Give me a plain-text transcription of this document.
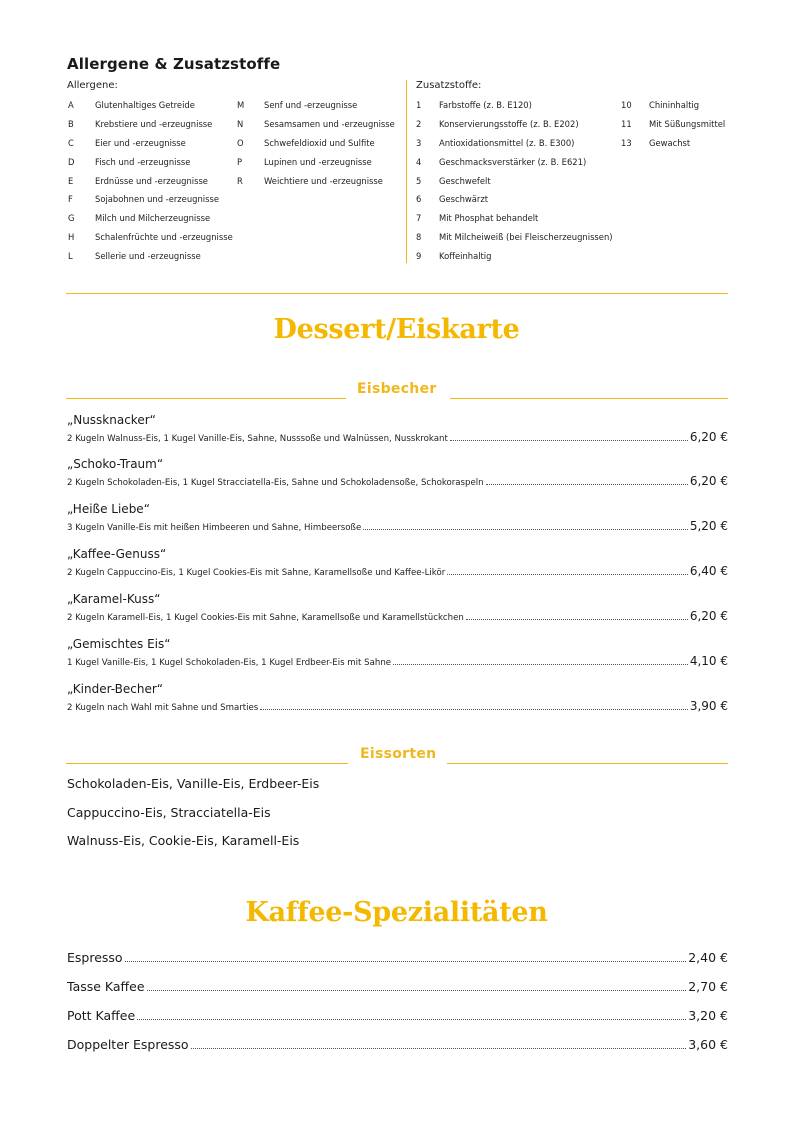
Allergene & Zusatzstoffe
Allergene:	Zusatzstoffe:
A	Glutenhaltiges Getreide
B	Krebstiere und -erzeugnisse
C	Eier und -erzeugnisse
D	Fisch und -erzeugnisse
E	Erdnüsse und -erzeugnisse
F	Sojabohnen und -erzeugnisse
G	Milch und Milcherzeugnisse
H	Schalenfrüchte und -erzeugnisse
L	Sellerie und -erzeugnisse
M	Senf und -erzeugnisse
N	Sesamsamen und -erzeugnisse
O	Schwefeldioxid und Sulfite
P	Lupinen und -erzeugnisse
R	Weichtiere und -erzeugnisse
1	Farbstoffe (z. B. E120)
2	Konservierungsstoffe (z. B. E202)
3	Antioxidationsmittel (z. B. E300)
4	Geschmacksverstärker (z. B. E621)
5	Geschwefelt
6	Geschwärzt
7	Mit Phosphat behandelt
8	Mit Milcheiweiß (bei Fleischerzeugnissen)
9	Koffeinhaltig
10	Chininhaltig
11	Mit Süßungsmittel
13	Gewachst
Dessert/Eiskarte
Eisbecher
„Nussknacker“
2 Kugeln Walnuss-Eis, 1 Kugel Vanille-Eis, Sahne, Nusssoße und Walnüssen, Nusskrokant	6,20 €
„Schoko-Traum“
2 Kugeln Schokoladen-Eis, 1 Kugel Stracciatella-Eis, Sahne und Schokoladensoße, Schokoraspeln	6,20 €
„Heiße Liebe“
3 Kugeln Vanille-Eis mit heißen Himbeeren und Sahne, Himbeersoße	5,20 €
„Kaffee-Genuss“
2 Kugeln Cappuccino-Eis, 1 Kugel Cookies-Eis mit Sahne, Karamellsoße und Kaffee-Likör	6,40 €
„Karamel-Kuss“
2 Kugeln Karamell-Eis, 1 Kugel Cookies-Eis mit Sahne, Karamellsoße und Karamellstückchen	6,20 €
„Gemischtes Eis“
1 Kugel Vanille-Eis, 1 Kugel Schokoladen-Eis, 1 Kugel Erdbeer-Eis mit Sahne	4,10 €
„Kinder-Becher“
2 Kugeln nach Wahl mit Sahne und Smarties	3,90 €
Eissorten
Schokoladen-Eis, Vanille-Eis, Erdbeer-Eis
Cappuccino-Eis, Stracciatella-Eis
Walnuss-Eis, Cookie-Eis, Karamell-Eis
Kaffee-Spezialitäten
Espresso	2,40 €
Tasse Kaffee	2,70 €
Pott Kaffee	3,20 €
Doppelter Espresso	3,60 €
